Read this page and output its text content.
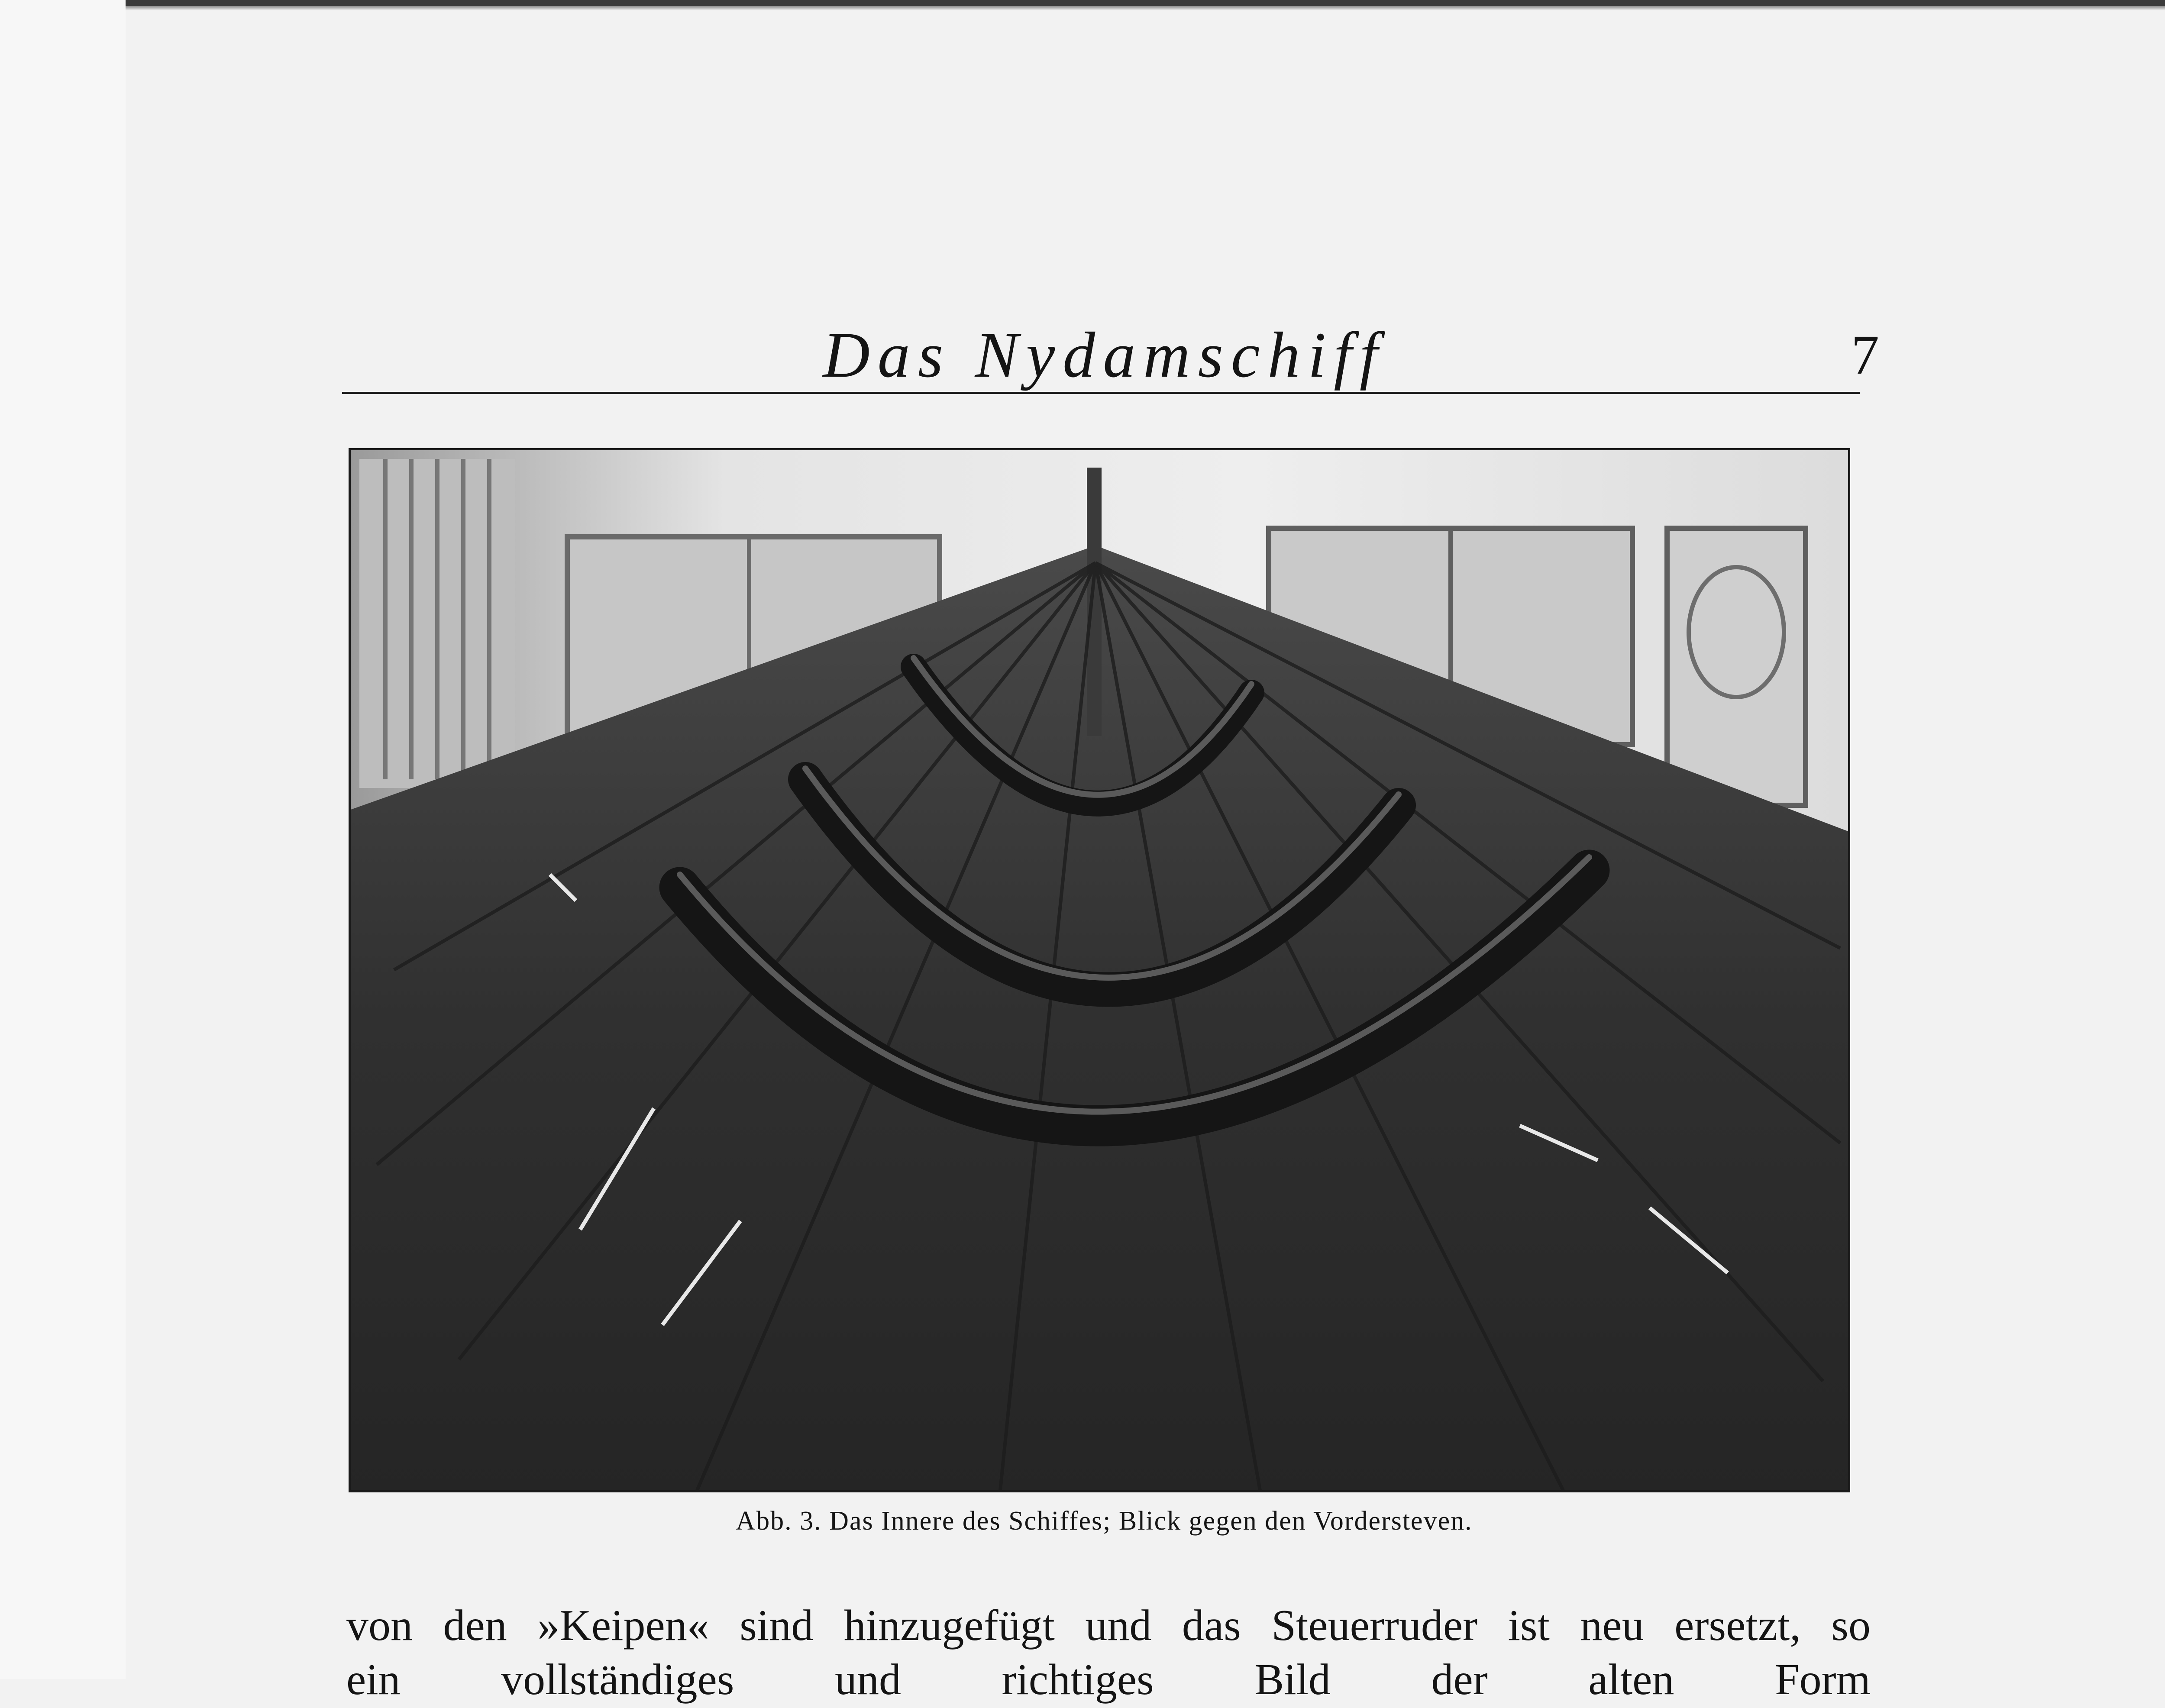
Das Nydamschiff	7
Abb. 3. Das Innere des Schiffes; Blick gegen den Vordersteven.
von den »Keipen« sind hinzugefügt und das Steuerruder ist neu ersetzt, so
ein vollständiges und richtiges Bild der alten Form
